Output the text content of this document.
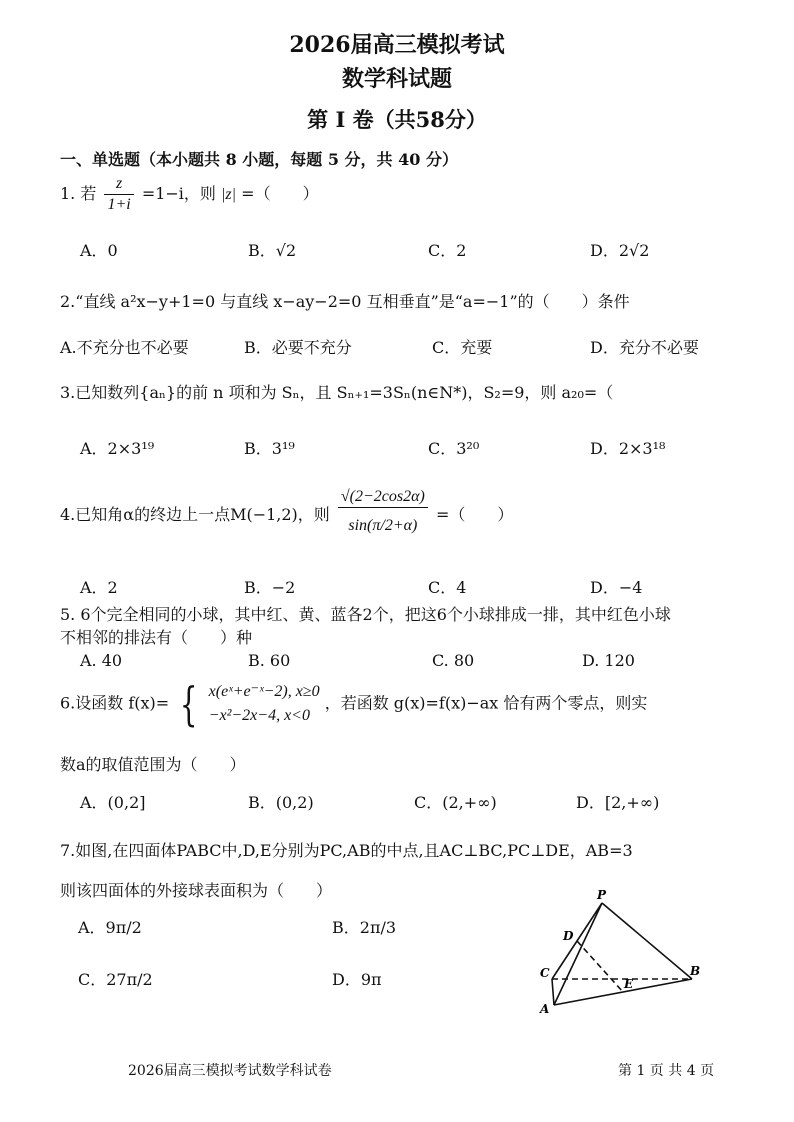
2026届高三模拟考试
数学科试题
第 I 卷（共58分）
一、单选题（本小题共 8 小题，每题 5 分，共 40 分）
1. 若 $\frac{z}{1+i} =1-i$，则 |z| =（　　）
A．0	B．√2	C．2	D．2√2
2.“直线 a²x−y+1=0 与直线 x−ay−2=0 互相垂直”是“a=−1”的（　　）条件
A.不充分也不必要	B．必要不充分	C．充要	D．充分不必要
3.已知数列{aₙ}的前 n 项和为 Sₙ，且 Sₙ₊₁=3Sₙ(n∈N*)，S₂=9，则 a₂₀=（
A．2×3¹⁹	B．3¹⁹	C．3²⁰	D．2×3¹⁸
4.已知角α的终边上一点M(−1,2)，则 $\frac{√(2-2\cos 2\alpha)}{\sin(\pi/2+\alpha)}$ =（　　）
A．2	B．−2	C．4	D．−4
5. 6个完全相同的小球，其中红、黄、蓝各2个，把这6个小球排成一排，其中红色小球
不相邻的排法有（　　）种
A. 40	B. 60	C. 80	D. 120
6.设函数 f(x)= { x(eˣ+e⁻ˣ−2), x≥0
−x²−2x−4, x<0
，若函数 g(x)=f(x)−ax 恰有两个零点，则实
数a的取值范围为（　　）
A．(0,2]	B．(0,2)	C．(2,+∞)	D．[2,+∞)
7.如图,在四面体PABC中,D,E分别为PC,AB的中点,且AC⊥BC,PC⊥DE，AB=3
则该四面体的外接球表面积为（　　）
A．9π/2	B．2π/3
C．27π/2	D．9π
P
D
C
E
B
A
2026届高三模拟考试数学科试卷	第 1 页 共 4 页
